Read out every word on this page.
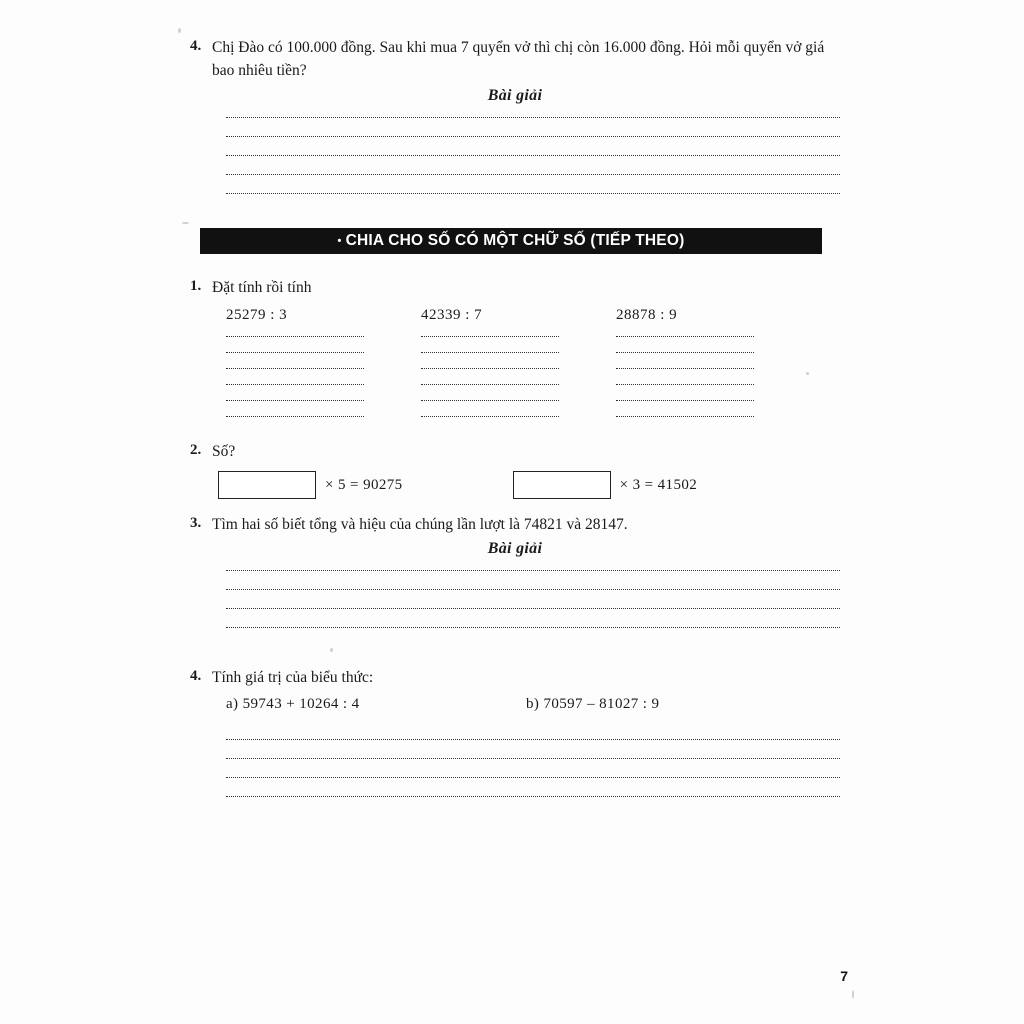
4. Chị Đào có 100.000 đồng. Sau khi mua 7 quyển vở thì chị còn 16.000 đồng. Hỏi mỗi quyển vở giá bao nhiêu tiền?
Bài giải
• CHIA CHO SỐ CÓ MỘT CHỮ SỐ (TIẾP THEO)
1. Đặt tính rồi tính
25279 : 3	42339 : 7	28878 : 9
2. Số?
× 5 = 90275	× 3 = 41502
3. Tìm hai số biết tổng và hiệu của chúng lần lượt là 74821 và 28147.
Bài giải
4. Tính giá trị của biểu thức:
a) 59743 + 10264 : 4	b) 70597 – 81027 : 9
7
